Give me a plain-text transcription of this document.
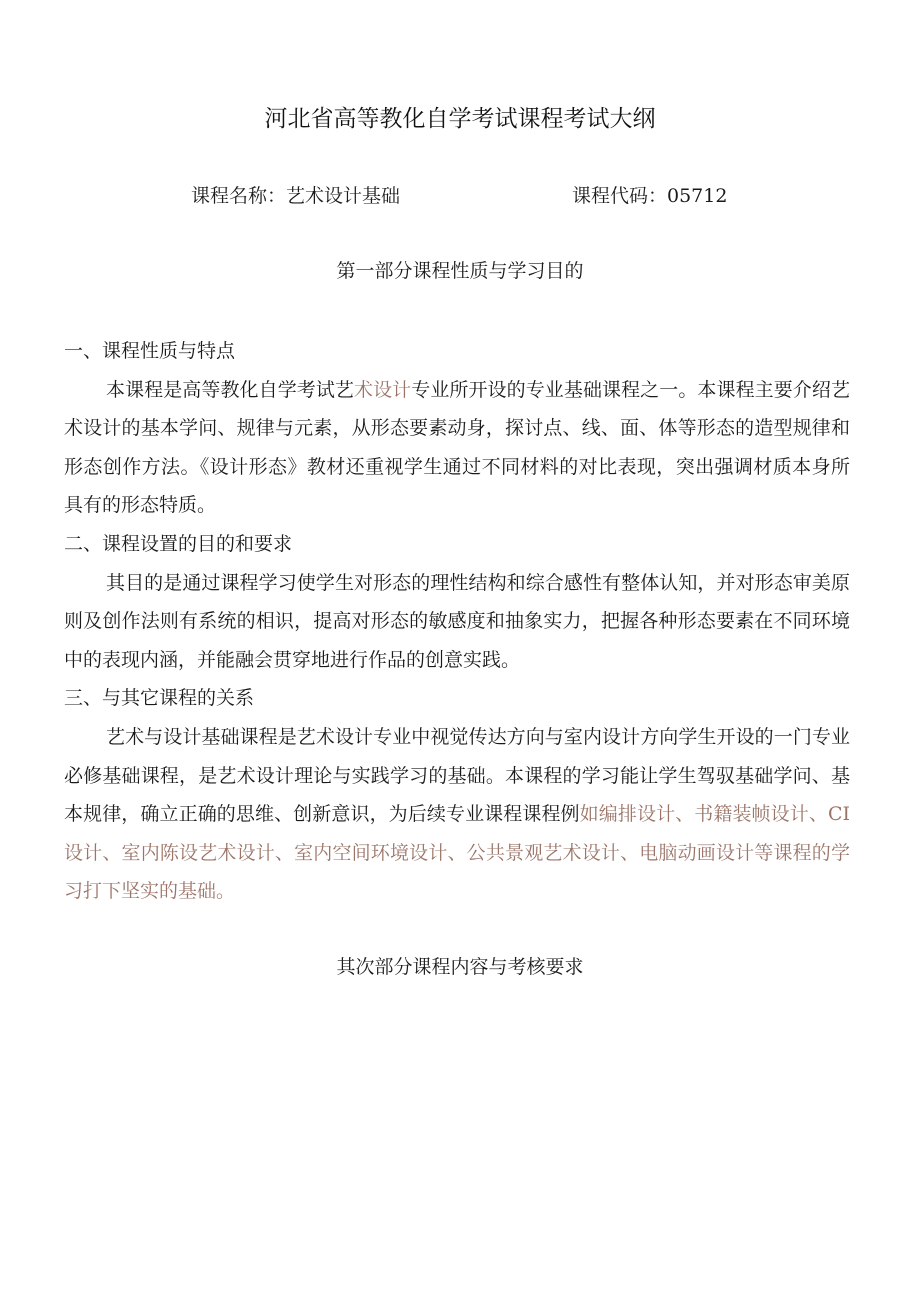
河北省高等教化自学考试课程考试大纲
课程名称：艺术设计基础	课程代码：05712
第一部分课程性质与学习目的

一、课程性质与特点

本课程是高等教化自学考试艺术设计专业所开设的专业基础课程之一。本课程主要介绍艺术设计的基本学问、规律与元素，从形态要素动身，探讨点、线、面、体等形态的造型规律和形态创作方法。《设计形态》教材还重视学生通过不同材料的对比表现，突出强调材质本身所具有的形态特质。

二、课程设置的目的和要求

其目的是通过课程学习使学生对形态的理性结构和综合感性有整体认知，并对形态审美原则及创作法则有系统的相识，提高对形态的敏感度和抽象实力，把握各种形态要素在不同环境中的表现内涵，并能融会贯穿地进行作品的创意实践。

三、与其它课程的关系

艺术与设计基础课程是艺术设计专业中视觉传达方向与室内设计方向学生开设的一门专业必修基础课程，是艺术设计理论与实践学习的基础。本课程的学习能让学生驾驭基础学问、基本规律，确立正确的思维、创新意识，为后续专业课程课程例如编排设计、书籍装帧设计、CI设计、室内陈设艺术设计、室内空间环境设计、公共景观艺术设计、电脑动画设计等课程的学习打下坚实的基础。

其次部分课程内容与考核要求
